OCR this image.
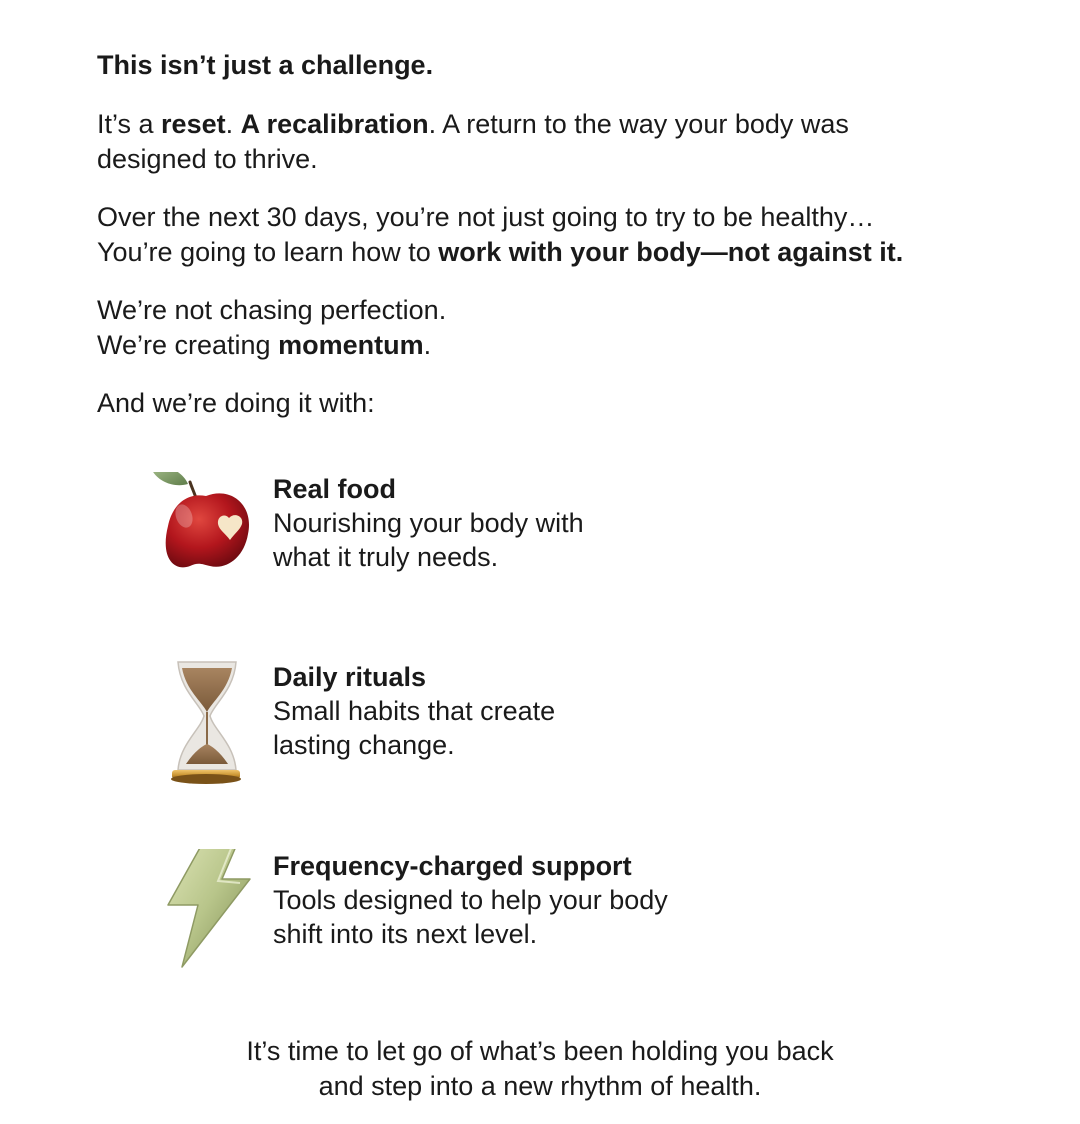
This isn’t just a challenge.

It’s a reset. A recalibration. A return to the way your body was
designed to thrive.

Over the next 30 days, you’re not just going to try to be healthy…
You’re going to learn how to work with your body—not against it.

We’re not chasing perfection.
We’re creating momentum.

And we’re doing it with:

Real food

Nourishing your body with
what it truly needs.

Daily rituals

Small habits that create
lasting change.

Frequency-charged support

Tools designed to help your body
shift into its next level.

It’s time to let go of what’s been holding you back
and step into a new rhythm of health.
